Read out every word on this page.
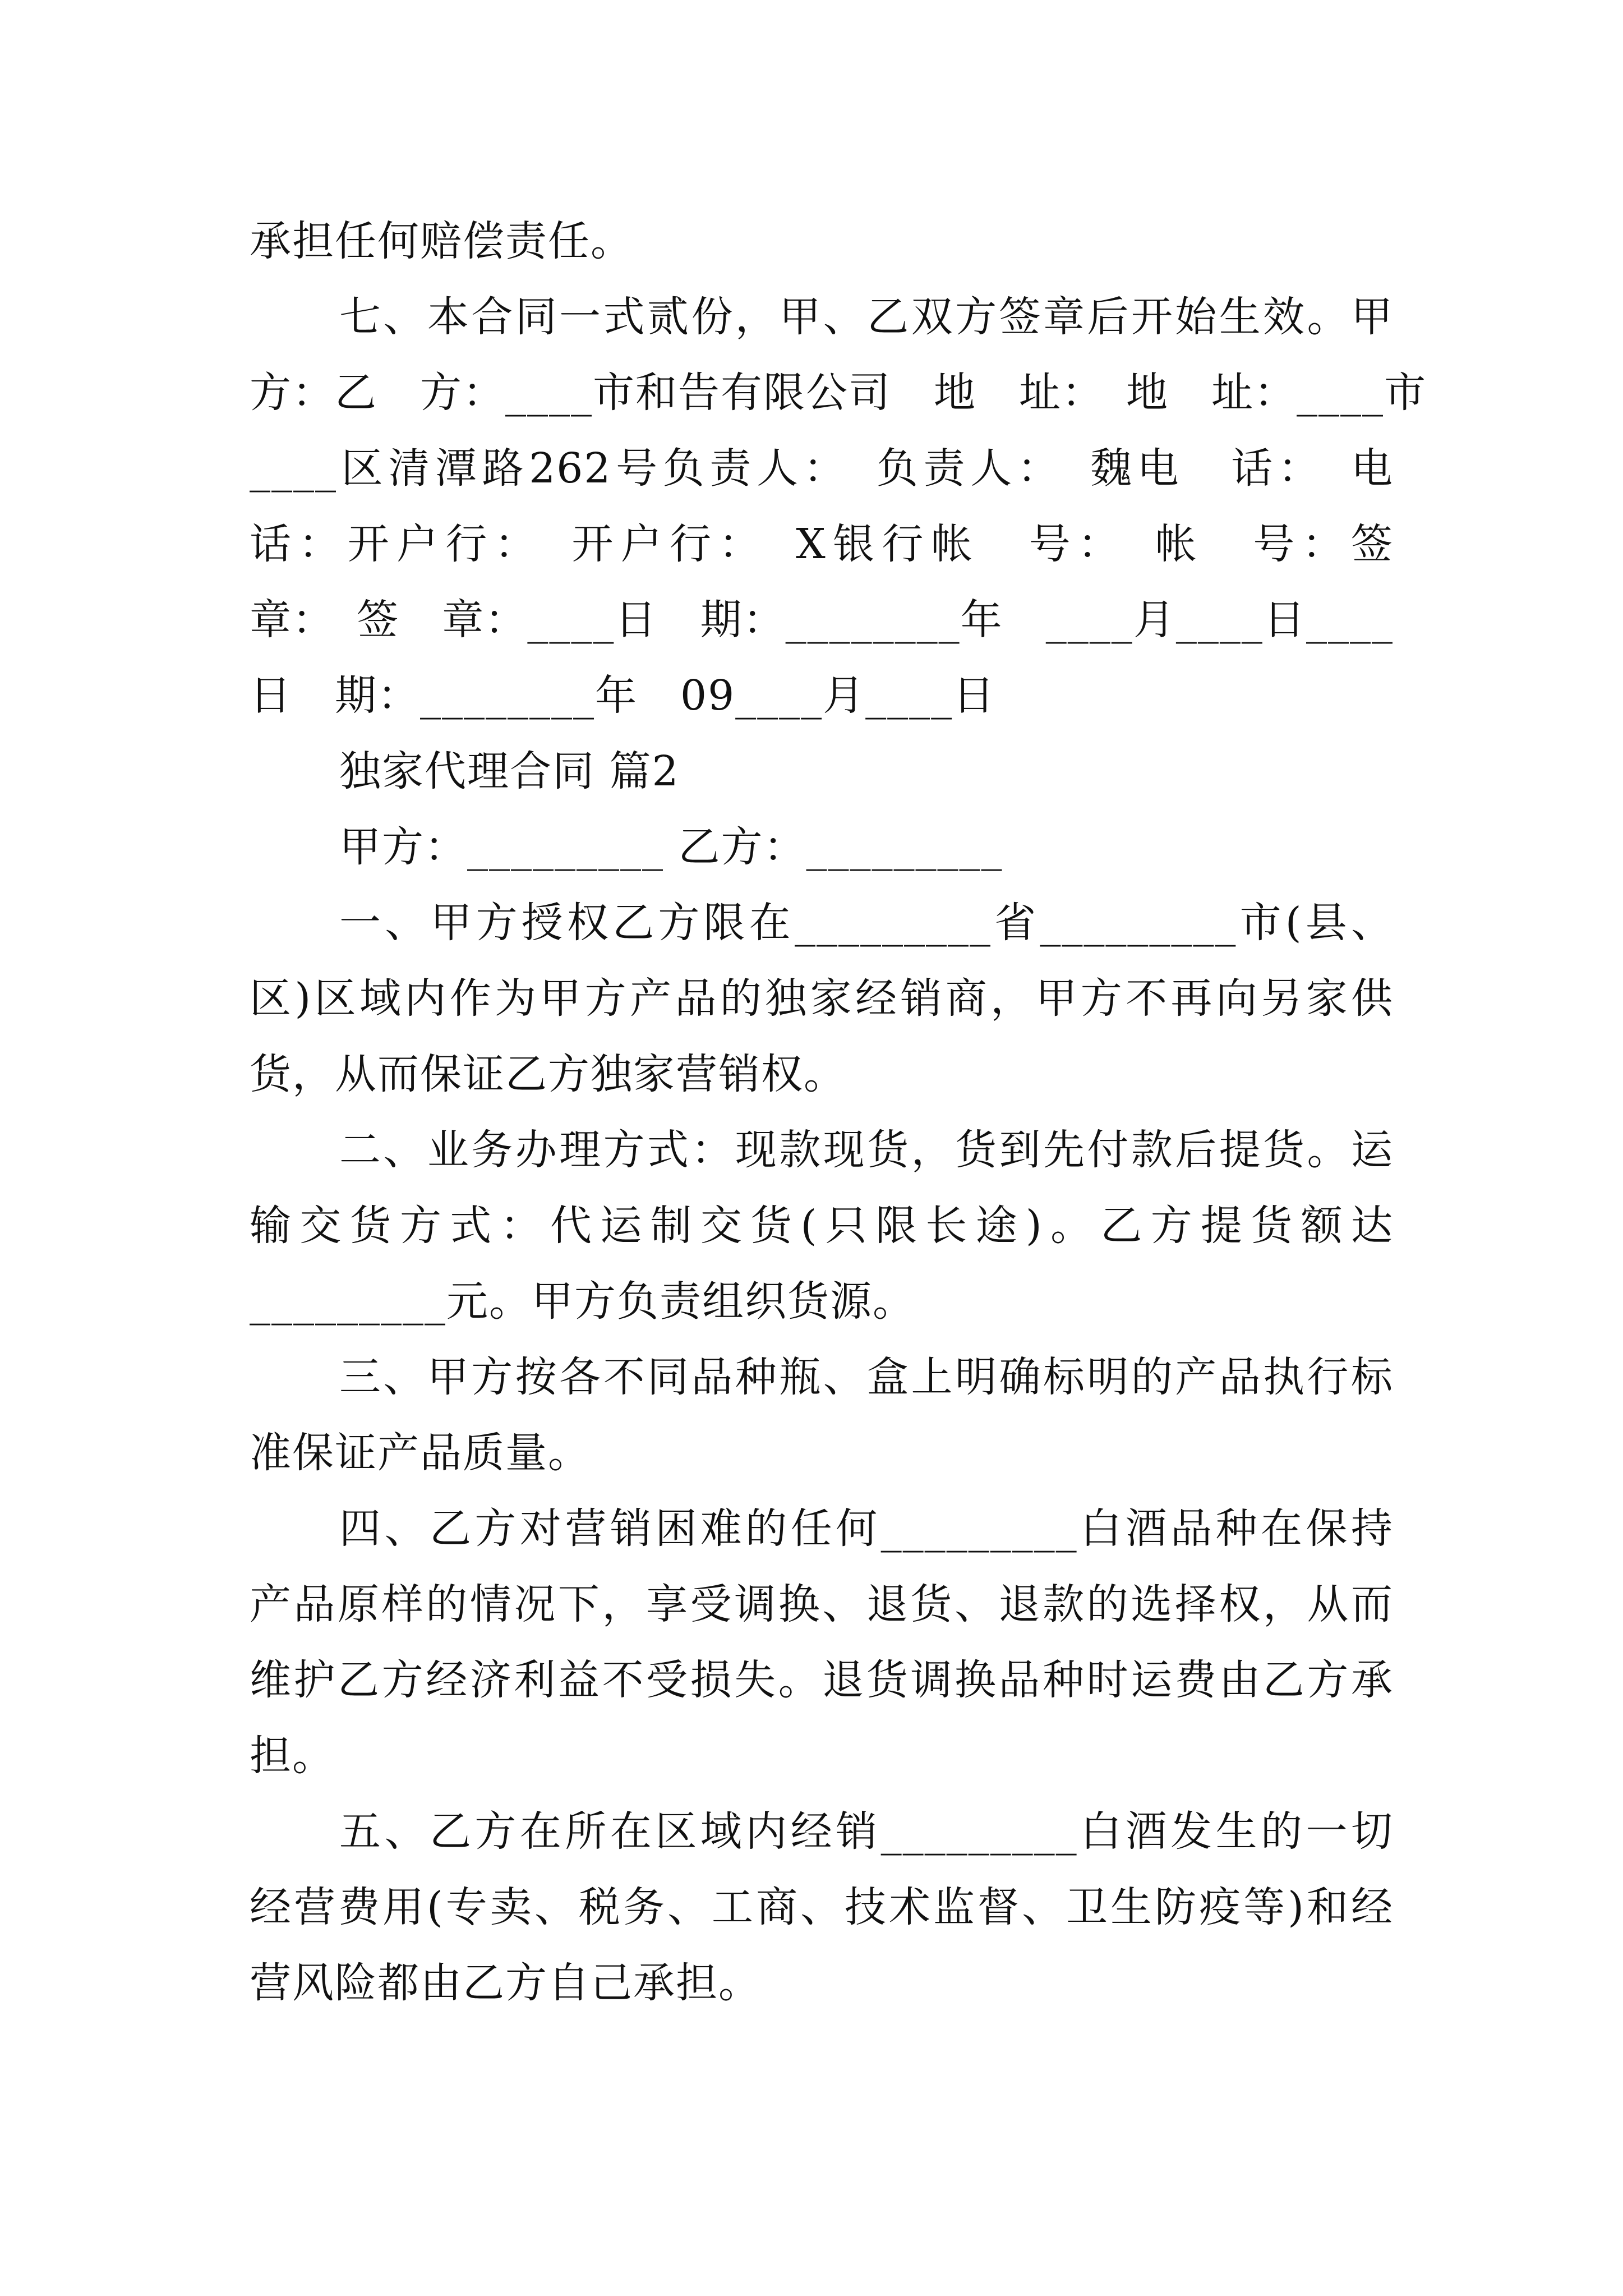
承担任何赔偿责任。
七、本合同一式贰份，甲、乙双方签章后开始生效。甲
方：乙　方：____市和告有限公司　地　址：　地　址：____市
____区清潭路262号负责人：　负责人：　魏电　话：　电
话：开户行：　开户行：　X银行帐　号：　帐　号：签
章：　签　章：____日　期：________年　____月____日____
日　期：________年　09____月____日
独家代理合同 篇2
甲方：_________ 乙方：_________
一、甲方授权乙方限在_________省_________市(县、
区)区域内作为甲方产品的独家经销商，甲方不再向另家供
货，从而保证乙方独家营销权。
二、业务办理方式：现款现货，货到先付款后提货。运
输交货方式：代运制交货(只限长途)。乙方提货额达
_________元。甲方负责组织货源。
三、甲方按各不同品种瓶、盒上明确标明的产品执行标
准保证产品质量。
四、乙方对营销困难的任何_________白酒品种在保持
产品原样的情况下，享受调换、退货、退款的选择权，从而
维护乙方经济利益不受损失。退货调换品种时运费由乙方承
担。
五、乙方在所在区域内经销_________白酒发生的一切
经营费用(专卖、税务、工商、技术监督、卫生防疫等)和经
营风险都由乙方自己承担。
